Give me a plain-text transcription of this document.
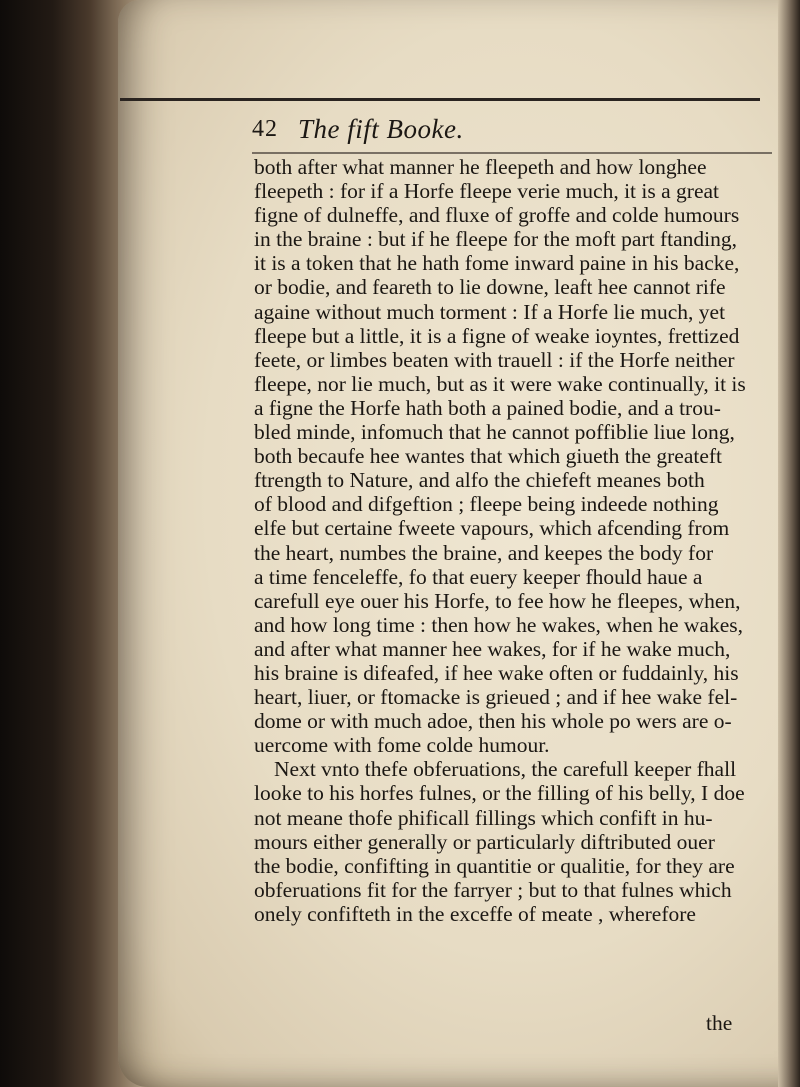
42 The fift Booke.

both after what manner he fleepeth and how longhee
fleepeth : for if a Horfe fleepe verie much, it is a great
figne of dulneffe, and fluxe of groffe and colde humours
in the braine : but if he fleepe for the moft part ftanding,
it is a token that he hath fome inward paine in his backe,
or bodie, and feareth to lie downe, leaft hee cannot rife
againe without much torment : If a Horfe lie much, yet
fleepe but a little, it is a figne of weake ioyntes, frettized
feete, or limbes beaten with trauell : if the Horfe neither
fleepe, nor lie much, but as it were wake continually, it is
a figne the Horfe hath both a pained bodie, and a trou-
bled minde, infomuch that he cannot poffiblie liue long,
both becaufe hee wantes that which giueth the greateft
ftrength to Nature, and alfo the chiefeft meanes both
of blood and difgeftion ; fleepe being indeede nothing
elfe but certaine fweete vapours, which afcending from
the heart, numbes the braine, and keepes the body for
a time fenceleffe, fo that euery keeper fhould haue a
carefull eye ouer his Horfe, to fee how he fleepes, when,
and how long time : then how he wakes, when he wakes,
and after what manner hee wakes, for if he wake much,
his braine is difeafed, if hee wake often or fuddainly, his
heart, liuer, or ftomacke is grieued ; and if hee wake fel-
dome or with much adoe, then his whole po wers are o-
uercome with fome colde humour.
Next vnto thefe obferuations, the carefull keeper fhall
looke to his horfes fulnes, or the filling of his belly, I doe
not meane thofe phificall fillings which confift in hu-
mours either generally or particularly diftributed ouer
the bodie, confifting in quantitie or qualitie, for they are
obferuations fit for the farryer ; but to that fulnes which
onely confifteth in the exceffe of meate , wherefore

the
